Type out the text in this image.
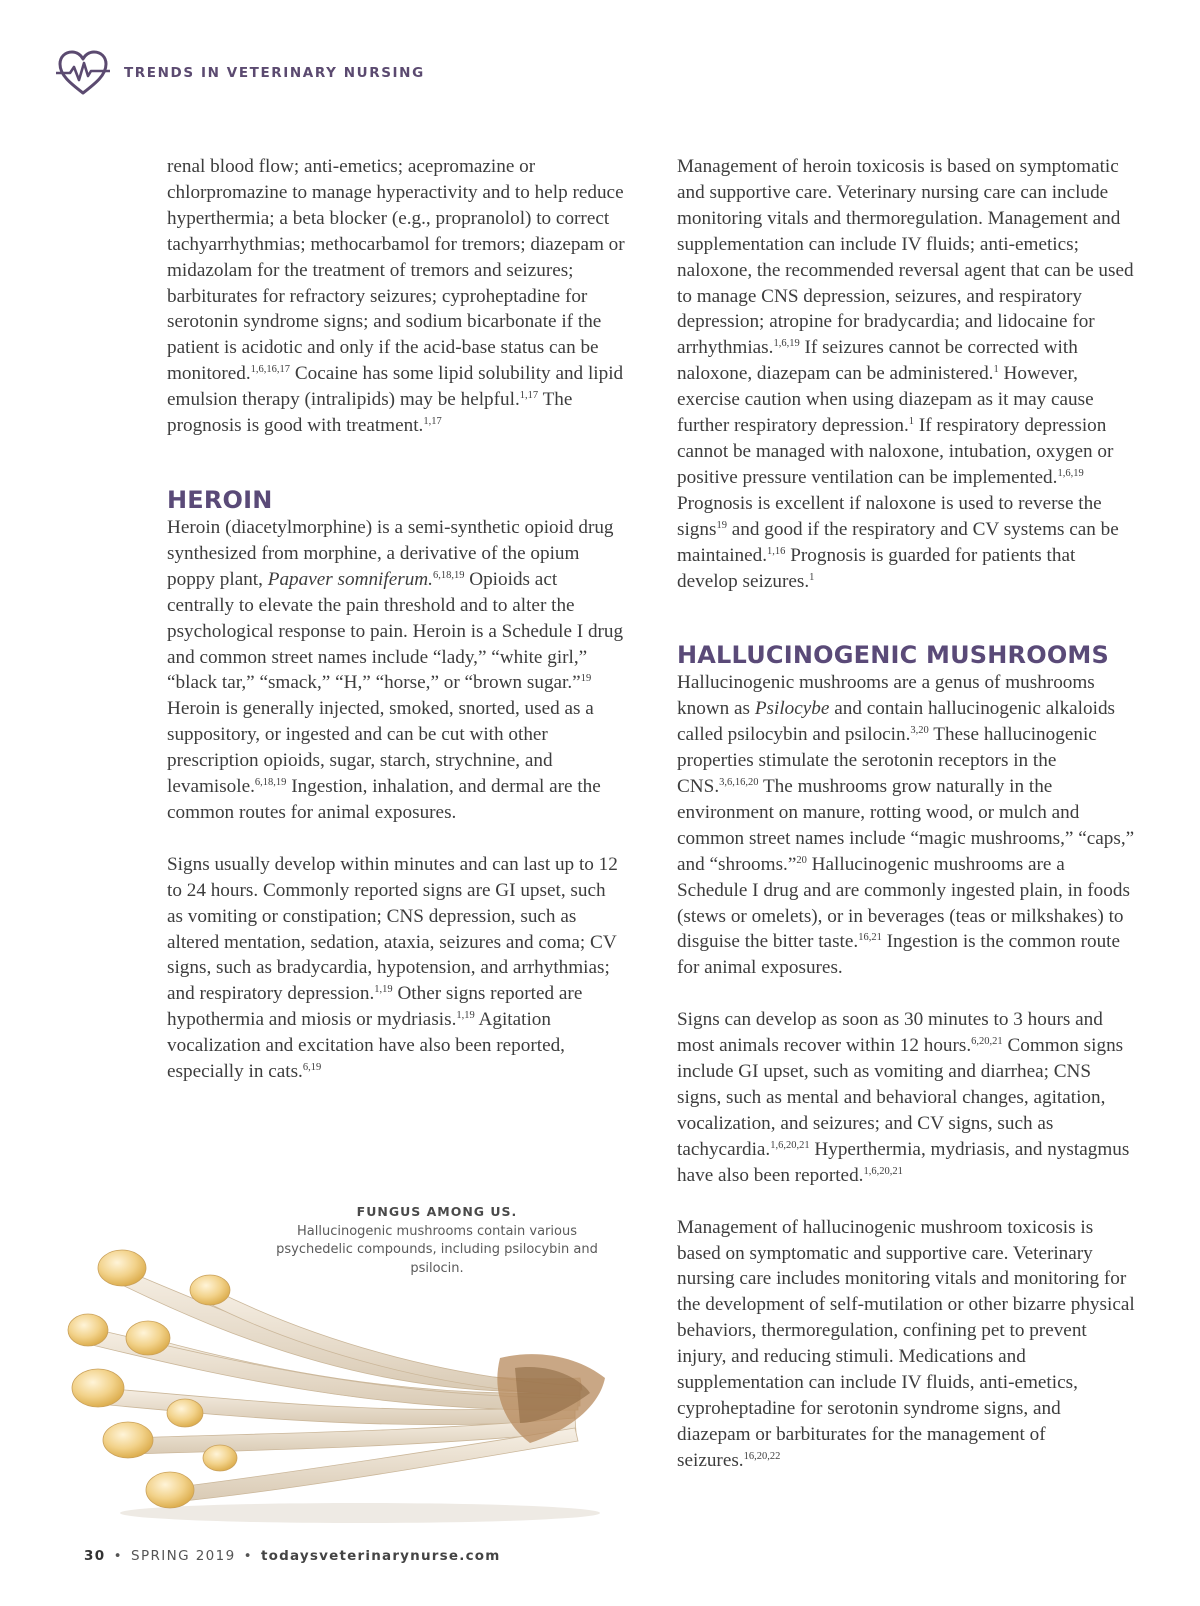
TRENDS IN VETERINARY NURSING

renal blood flow; anti-emetics; acepromazine or chlorpromazine to manage hyperactivity and to help reduce hyperthermia; a beta blocker (e.g., propranolol) to correct tachyarrhythmias; methocarbamol for tremors; diazepam or midazolam for the treatment of tremors and seizures; barbiturates for refractory seizures; cyproheptadine for serotonin syndrome signs; and sodium bicarbonate if the patient is acidotic and only if the acid-base status can be monitored.$^{1,6,16,17}$ Cocaine has some lipid solubility and lipid emulsion therapy (intralipids) may be helpful.$^{1,17}$ The prognosis is good with treatment.$^{1,17}$

HEROIN

Heroin (diacetylmorphine) is a semi-synthetic opioid drug synthesized from morphine, a derivative of the opium poppy plant, Papaver somniferum.$^{6,18,19}$ Opioids act centrally to elevate the pain threshold and to alter the psychological response to pain. Heroin is a Schedule I drug and common street names include “lady,” “white girl,” “black tar,” “smack,” “H,” “horse,” or “brown sugar.”$^{19}$ Heroin is generally injected, smoked, snorted, used as a suppository, or ingested and can be cut with other prescription opioids, sugar, starch, strychnine, and levamisole.$^{6,18,19}$ Ingestion, inhalation, and dermal are the common routes for animal exposures.

Signs usually develop within minutes and can last up to 12 to 24 hours. Commonly reported signs are GI upset, such as vomiting or constipation; CNS depression, such as altered mentation, sedation, ataxia, seizures and coma; CV signs, such as bradycardia, hypotension, and arrhythmias; and respiratory depression.$^{1,19}$ Other signs reported are hypothermia and miosis or mydriasis.$^{1,19}$ Agitation vocalization and excitation have also been reported, especially in cats.$^{6,19}$

FUNGUS AMONG US.
Hallucinogenic mushrooms contain various psychedelic compounds, including psilocybin and psilocin.

Management of heroin toxicosis is based on symptomatic and supportive care. Veterinary nursing care can include monitoring vitals and thermoregulation. Management and supplementation can include IV fluids; anti-emetics; naloxone, the recommended reversal agent that can be used to manage CNS depression, seizures, and respiratory depression; atropine for bradycardia; and lidocaine for arrhythmias.$^{1,6,19}$ If seizures cannot be corrected with naloxone, diazepam can be administered.$^1$ However, exercise caution when using diazepam as it may cause further respiratory depression.$^1$ If respiratory depression cannot be managed with naloxone, intubation, oxygen or positive pressure ventilation can be implemented.$^{1,6,19}$ Prognosis is excellent if naloxone is used to reverse the signs$^{19}$ and good if the respiratory and CV systems can be maintained.$^{1,16}$ Prognosis is guarded for patients that develop seizures.$^1$

HALLUCINOGENIC MUSHROOMS

Hallucinogenic mushrooms are a genus of mushrooms known as Psilocybe and contain hallucinogenic alkaloids called psilocybin and psilocin.$^{3,20}$ These hallucinogenic properties stimulate the serotonin receptors in the CNS.$^{3,6,16,20}$ The mushrooms grow naturally in the environment on manure, rotting wood, or mulch and common street names include “magic mushrooms,” “caps,” and “shrooms.”$^{20}$ Hallucinogenic mushrooms are a Schedule I drug and are commonly ingested plain, in foods (stews or omelets), or in beverages (teas or milkshakes) to disguise the bitter taste.$^{16,21}$ Ingestion is the common route for animal exposures.

Signs can develop as soon as 30 minutes to 3 hours and most animals recover within 12 hours.$^{6,20,21}$ Common signs include GI upset, such as vomiting and diarrhea; CNS signs, such as mental and behavioral changes, agitation, vocalization, and seizures; and CV signs, such as tachycardia.$^{1,6,20,21}$ Hyperthermia, mydriasis, and nystagmus have also been reported.$^{1,6,20,21}$

Management of hallucinogenic mushroom toxicosis is based on symptomatic and supportive care. Veterinary nursing care includes monitoring vitals and monitoring for the development of self-mutilation or other bizarre physical behaviors, thermoregulation, confining pet to prevent injury, and reducing stimuli. Medications and supplementation can include IV fluids, anti-emetics, cyproheptadine for serotonin syndrome signs, and diazepam or barbiturates for the management of seizures.$^{16,20,22}$

30 • SPRING 2019 • todaysveterinarynurse.com
